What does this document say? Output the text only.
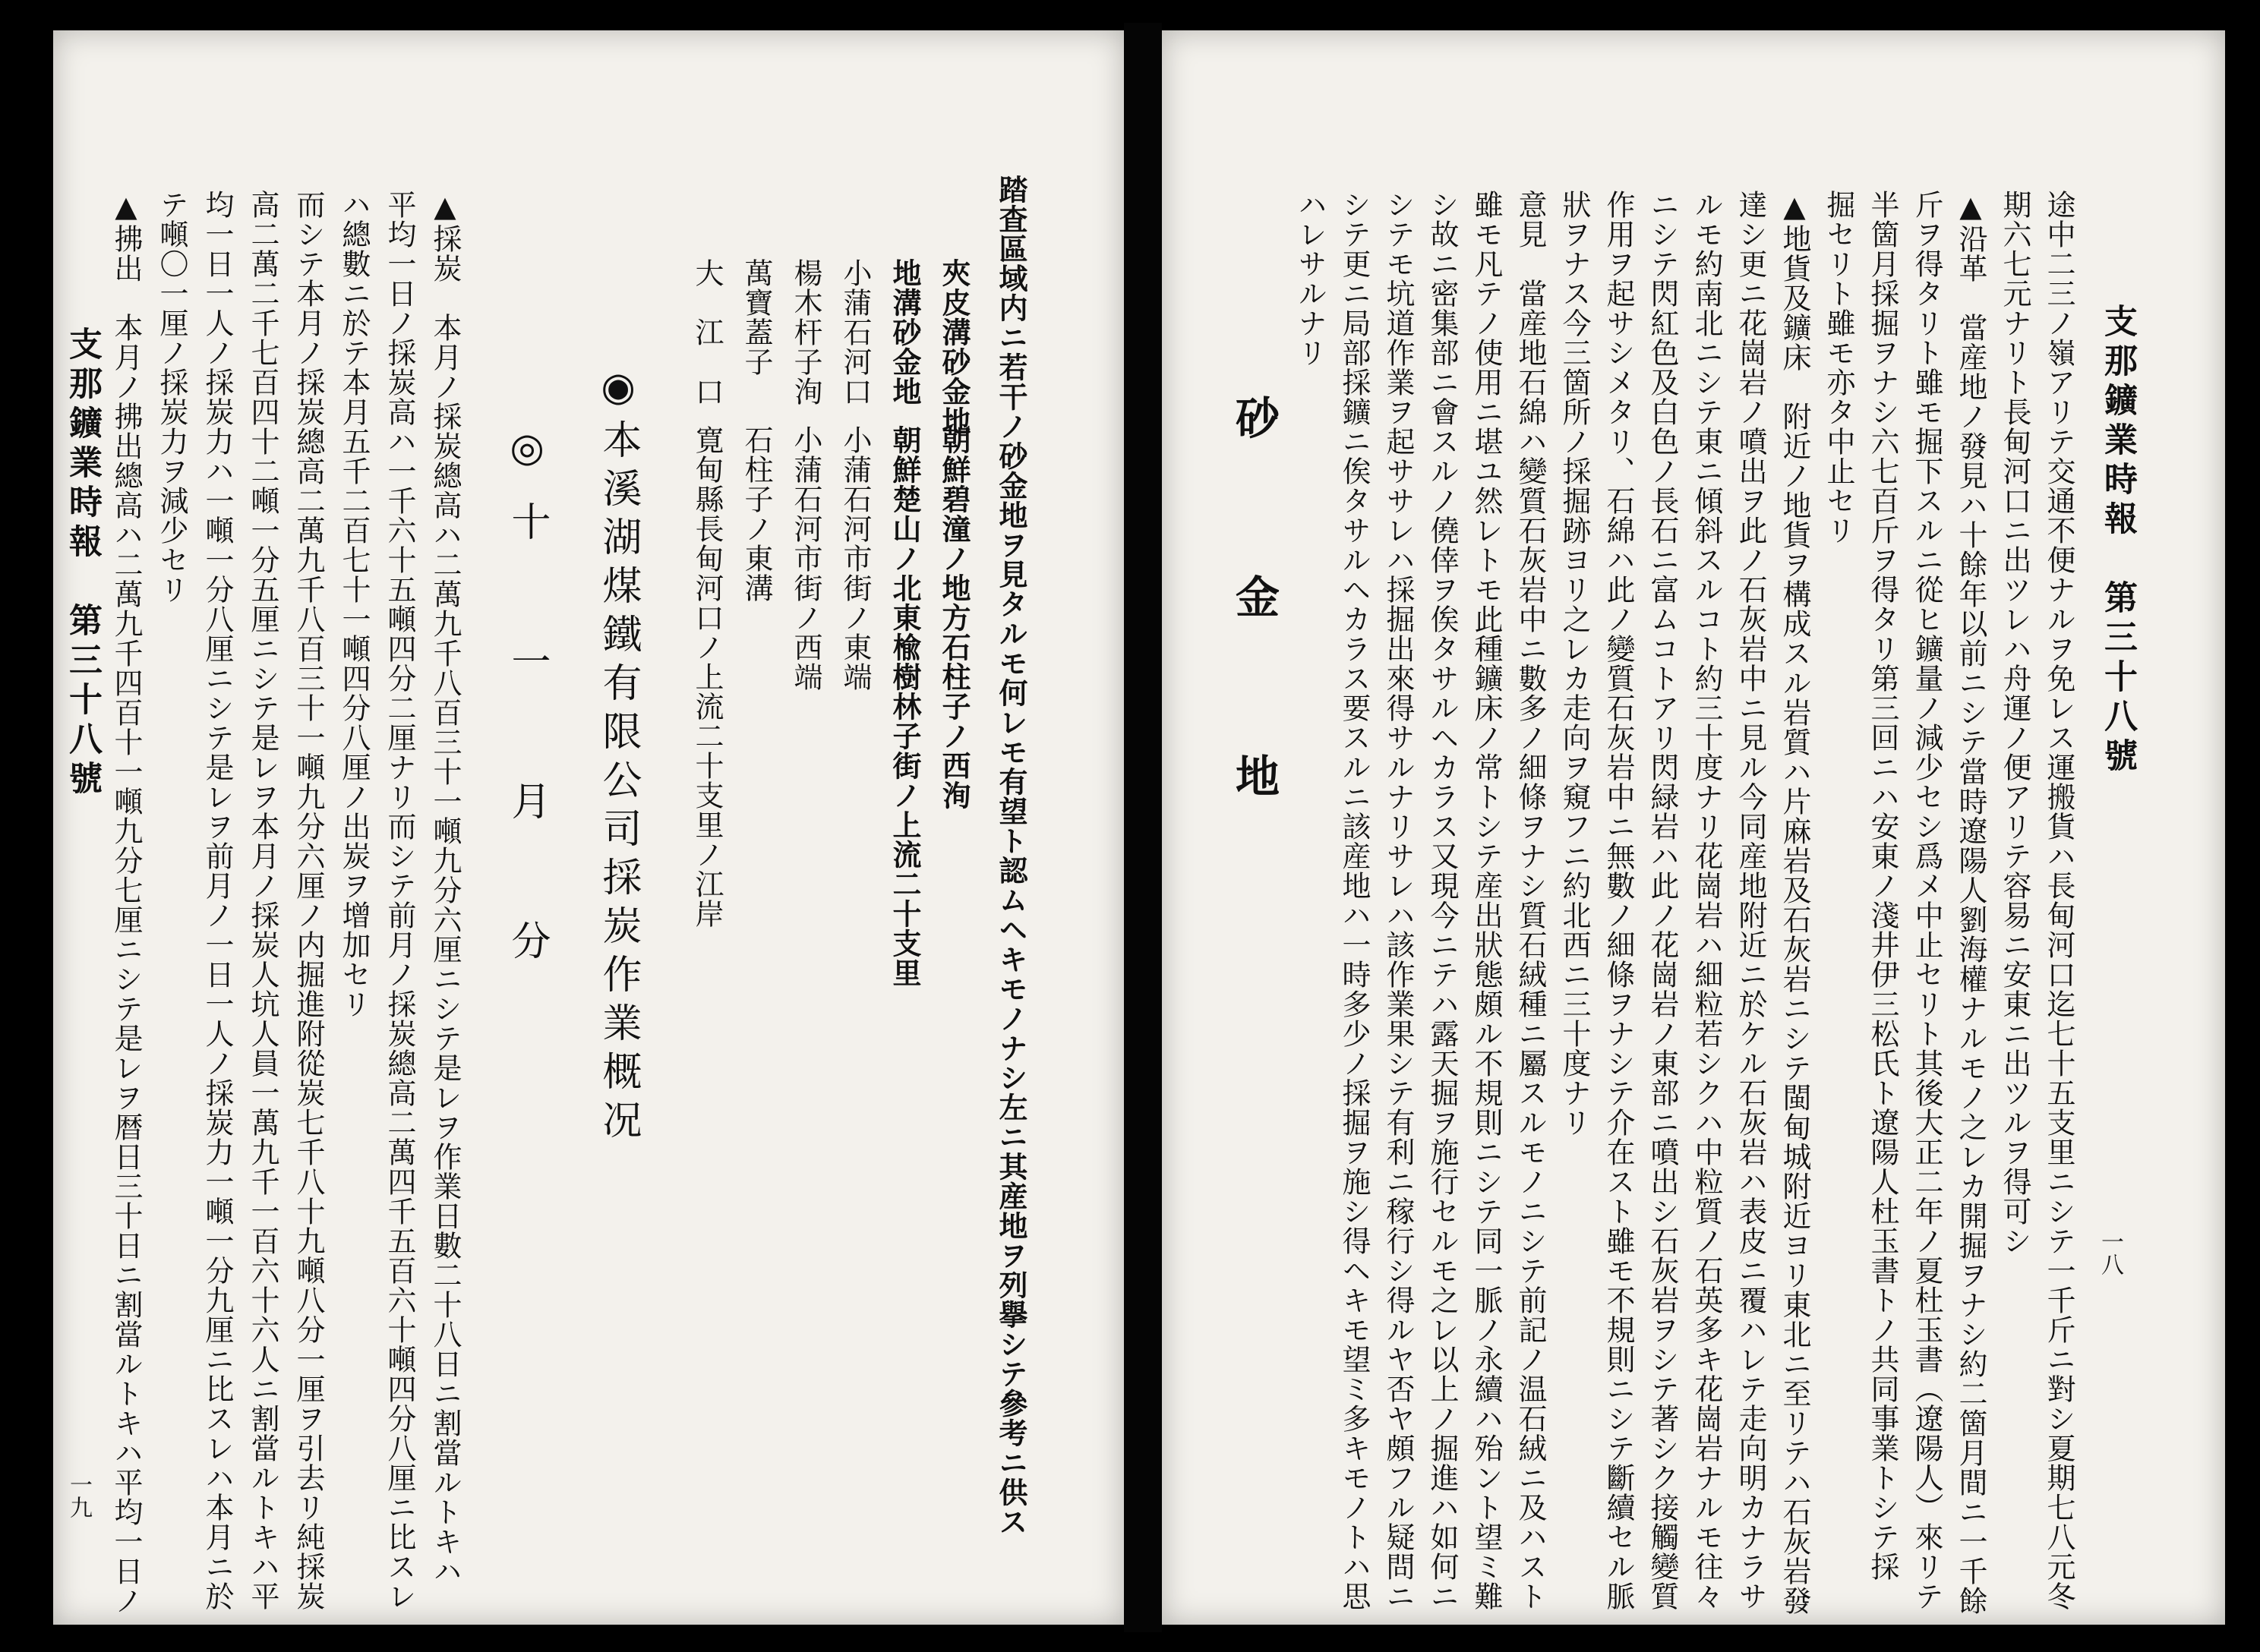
踏査區域内ニ若干ノ砂金地ヲ見タルモ何レモ有望ト認ムヘキモノナシ左ニ其産地ヲ列擧シテ參考ニ供ス
夾皮溝砂金地
朝鮮碧潼ノ地方石柱子ノ西洵
地溝砂金地
朝鮮楚山ノ北東楡樹林子街ノ上流二十支里
小蒲石河口
小蒲石河市街ノ東端
楊木杆子洵
小蒲石河市街ノ西端
萬寶蓋子
石柱子ノ東溝
大　江　口
寛甸縣長甸河口ノ上流二十支里ノ江岸
◉本溪湖煤鐵有限公司採炭作業概况
◎十　一　月　分
▲採炭　本月ノ採炭總高ハ二萬九千八百三十一噸九分六厘ニシテ是レヲ作業日數二十八日ニ割當ルトキハ
平均一日ノ採炭高ハ一千六十五噸四分二厘ナリ而シテ前月ノ採炭總高二萬四千五百六十噸四分八厘ニ比スレ
ハ總數ニ於テ本月五千二百七十一噸四分八厘ノ出炭ヲ增加セリ
而シテ本月ノ採炭總高二萬九千八百三十一噸九分六厘ノ内掘進附從炭七千八十九噸八分一厘ヲ引去リ純採炭
高二萬二千七百四十二噸一分五厘ニシテ是レヲ本月ノ採炭人坑人員一萬九千一百六十六人ニ割當ルトキハ平
均一日一人ノ採炭力ハ一噸一分八厘ニシテ是レヲ前月ノ一日一人ノ採炭力一噸一分九厘ニ比スレハ本月ニ於
テ噸〇一厘ノ採炭力ヲ減少セリ
▲拂出　本月ノ拂出總高ハ二萬九千四百十一噸九分七厘ニシテ是レヲ暦日三十日ニ割當ルトキハ平均一日ノ
支那鑛業時報　第三十八號
一九
支那鑛業時報　第三十八號
一八
途中二三ノ嶺アリテ交通不便ナルヲ免レス運搬貨ハ長甸河口迄七十五支里ニシテ一千斤ニ對シ夏期七八元冬
期六七元ナリト長甸河口ニ出ツレハ舟運ノ便アリテ容易ニ安東ニ出ツルヲ得可シ
▲沿革　當産地ノ發見ハ十餘年以前ニシテ當時遼陽人劉海權ナルモノ之レカ開掘ヲナシ約二箇月間ニ一千餘
斤ヲ得タリト雖モ掘下スルニ從ヒ鑛量ノ減少セシ爲メ中止セリト其後大正二年ノ夏杜玉書（遼陽人）來リテ
半箇月採掘ヲナシ六七百斤ヲ得タリ第三回ニハ安東ノ淺井伊三松氏ト遼陽人杜玉書トノ共同事業トシテ採
掘セリト雖モ亦タ中止セリ
▲地貨及鑛床　附近ノ地貨ヲ構成スル岩質ハ片麻岩及石灰岩ニシテ閩甸城附近ヨリ東北ニ至リテハ石灰岩發
達シ更ニ花崗岩ノ噴出ヲ此ノ石灰岩中ニ見ル今同産地附近ニ於ケル石灰岩ハ表皮ニ覆ハレテ走向明カナラサ
ルモ約南北ニシテ東ニ傾斜スルコト約三十度ナリ花崗岩ハ細粒若シクハ中粒質ノ石英多キ花崗岩ナルモ往々
ニシテ閃紅色及白色ノ長石ニ富ムコトアリ閃緑岩ハ此ノ花崗岩ノ東部ニ噴出シ石灰岩ヲシテ著シク接觸變質
作用ヲ起サシメタリ、石綿ハ此ノ變質石灰岩中ニ無數ノ細條ヲナシテ介在スト雖モ不規則ニシテ斷續セル脈
狀ヲナス今三箇所ノ採掘跡ヨリ之レカ走向ヲ窺フニ約北西ニ三十度ナリ
意見　當産地石綿ハ變質石灰岩中ニ數多ノ細條ヲナシ質石絨種ニ屬スルモノニシテ前記ノ温石絨ニ及ハスト
雖モ凡テノ使用ニ堪ユ然レトモ此種鑛床ノ常トシテ産出狀態頗ル不規則ニシテ同一脈ノ永續ハ殆ント望ミ難
シ故ニ密集部ニ會スルノ僥倖ヲ俟タサルヘカラス又現今ニテハ露天掘ヲ施行セルモ之レ以上ノ掘進ハ如何ニ
シテモ坑道作業ヲ起ササレハ採掘出來得サルナリサレハ該作業果シテ有利ニ稼行シ得ルヤ否ヤ頗フル疑問ニ
シテ更ニ局部採鑛ニ俟タサルヘカラス要スルニ該産地ハ一時多少ノ採掘ヲ施シ得ヘキモ望ミ多キモノトハ思
ハレサルナリ
砂　金　地
